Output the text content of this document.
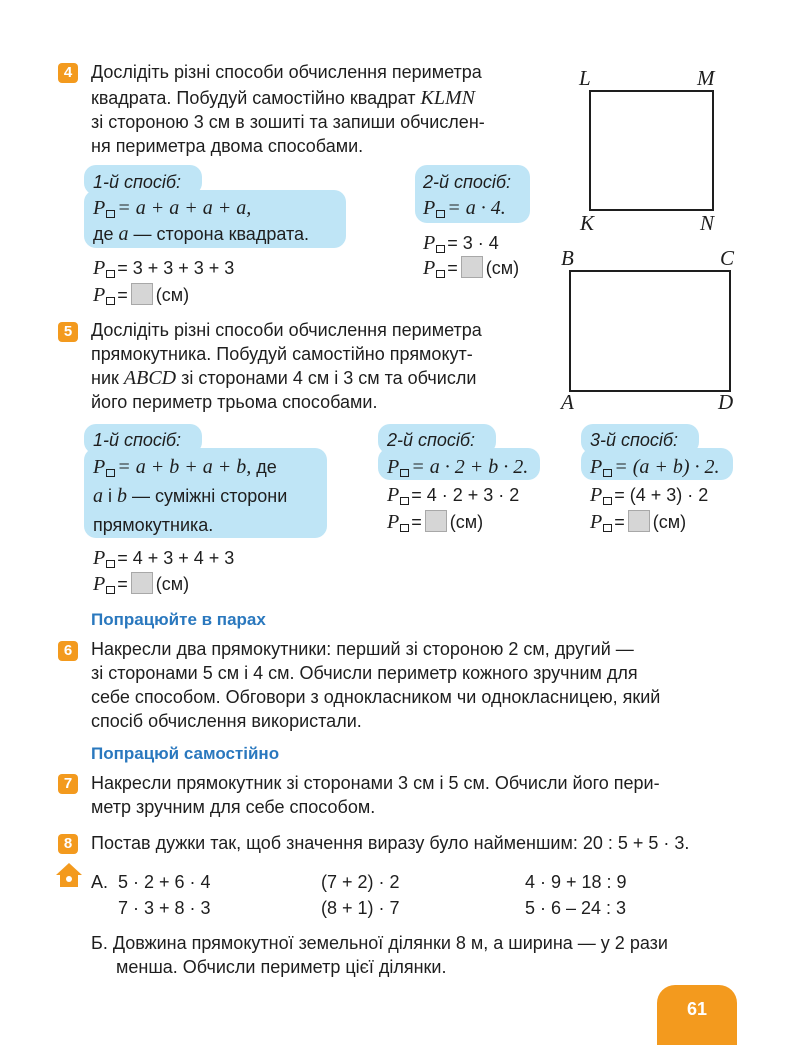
4	Дослідіть різні способи обчислення периметра
квадрата. Побудуй самостійно квадрат KLMN
зі стороною 3 см в зошиті та запиши обчислен-
ня периметра двома способами.
1-й спосіб:
P = a + a + a + a,
де a — сторона квадрата.
P = 3 + 3 + 3 + 3
P = (см)
2-й спосіб:
P = a · 4.
P = 3 · 4
P = (см)
L	M
K	N
5	Дослідіть різні способи обчислення периметра
прямокутника. Побудуй самостійно прямокут-
ник ABCD зі сторонами 4 см і 3 см та обчисли
його периметр трьома способами.
B	C
A	D
1-й спосіб:
P = a + b + a + b, де
a і b — суміжні сторони
прямокутника.
P = 4 + 3 + 4 + 3
P = (см)
2-й спосіб:
P = a · 2 + b · 2.
P = 4 · 2 + 3 · 2
P = (см)
3-й спосіб:
P = (a + b) · 2.
P = (4 + 3) · 2
P = (см)
Попрацюйте в парах
6	Накресли два прямокутники: перший зі стороною 2 см, другий —
зі сторонами 5 см і 4 см. Обчисли периметр кожного зручним для
себе способом. Обговори з однокласником чи однокласницею, який
спосіб обчислення використали.
Попрацюй самостійно
7	Накресли прямокутник зі сторонами 3 см і 5 см. Обчисли його пери-
метр зручним для себе способом.
8	Постав дужки так, щоб значення виразу було найменшим: 20 : 5 + 5 · 3.
А. 5 · 2 + 6 · 4	(7 + 2) · 2	4 · 9 + 18 : 9
7 · 3 + 8 · 3	(8 + 1) · 7	5 · 6 – 24 : 3
Б. Довжина прямокутної земельної ділянки 8 м, а ширина — у 2 рази
менша. Обчисли периметр цієї ділянки.
61
